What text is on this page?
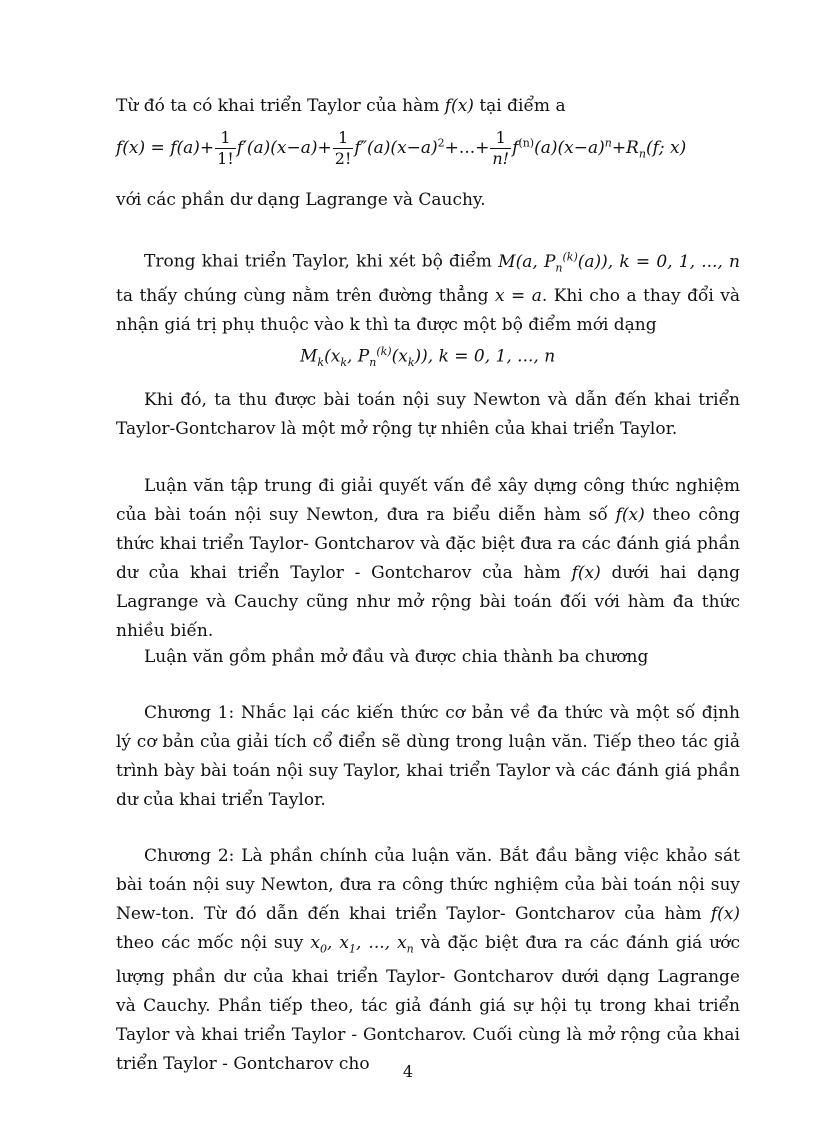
Từ đó ta có khai triển Taylor của hàm f(x) tại điểm a

$f(x) = f(a)+ \frac{1}{1!} f'(a)(x-a)+ \frac{1}{2!} f''(a)(x-a)^2+...+ \frac{1}{n!} f^{(n)}(a)(x-a)^n+R_n(f$; x)

với các phần dư dạng Lagrange và Cauchy.

Trong khai triển Taylor, khi xét bộ điểm M(a, $P_n^{(k)}(a)$), k = 0, 1, ..., n ta thấy chúng cùng nằm trên đường thẳng x = a. Khi cho a thay đổi và nhận giá trị phụ thuộc vào k thì ta được một bộ điểm mới dạng

$M_k(x_k$, $P_n^{(k)}(x_k)$), k = 0, 1, ..., n

Khi đó, ta thu được bài toán nội suy Newton và dẫn đến khai triển Taylor-Gontcharov là một mở rộng tự nhiên của khai triển Taylor.

Luận văn tập trung đi giải quyết vấn đề xây dựng công thức nghiệm của bài toán nội suy Newton, đưa ra biểu diễn hàm số f(x) theo công thức khai triển Taylor- Gontcharov và đặc biệt đưa ra các đánh giá phần dư của khai triển Taylor - Gontcharov của hàm f(x) dưới hai dạng Lagrange và Cauchy cũng như mở rộng bài toán đối với hàm đa thức nhiều biến.

Luận văn gồm phần mở đầu và được chia thành ba chương

Chương 1: Nhắc lại các kiến thức cơ bản về đa thức và một số định lý cơ bản của giải tích cổ điển sẽ dùng trong luận văn. Tiếp theo tác giả trình bày bài toán nội suy Taylor, khai triển Taylor và các đánh giá phần dư của khai triển Taylor.

Chương 2: Là phần chính của luận văn. Bắt đầu bằng việc khảo sát bài toán nội suy Newton, đưa ra công thức nghiệm của bài toán nội suy New-ton. Từ đó dẫn đến khai triển Taylor- Gontcharov của hàm f(x) theo các mốc nội suy $x_0$, $x_1$, ..., $x_n$ và đặc biệt đưa ra các đánh giá ước lượng phần dư của khai triển Taylor- Gontcharov dưới dạng Lagrange và Cauchy. Phần tiếp theo, tác giả đánh giá sự hội tụ trong khai triển Taylor và khai triển Taylor - Gontcharov. Cuối cùng là mở rộng của khai triển Taylor - Gontcharov cho	4
